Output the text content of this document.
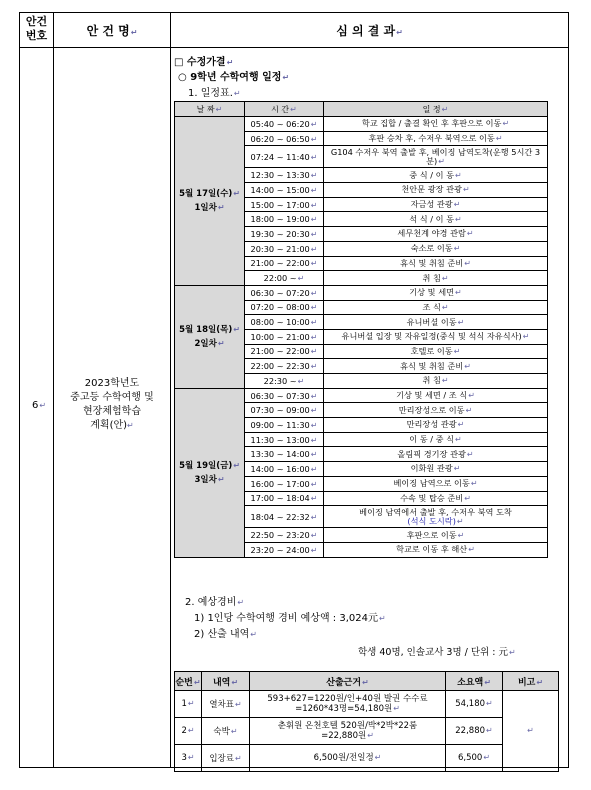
안건
번호	안 건 명 ↵	심 의 결 과 ↵
6 ↵
2023학년도
중고등 수학여행 및
현장체험학습
계획(안) ↵
□ 수정가결 ↵
○ 9학년 수학여행 일정 ↵
1. 일정표. ↵
날 짜 ↵	시 간 ↵	일 정 ↵

5월 17일(수) ↵
1일차 ↵	05:40 ~ 06:20 ↵	학교 집합 / 출결 확인 후 후판으로 이동 ↵
	06:20 ~ 06:50 ↵	후판 승차 후, 수저우 북역으로 이동 ↵
	07:24 ~ 11:40 ↵	G104 수저우 북역 출발 후, 베이징 남역도착(운행 5시간 3분) ↵
	12:30 ~ 13:30 ↵	중 식 / 이 동 ↵
	14:00 ~ 15:00 ↵	천안문 광장 관광 ↵
	15:00 ~ 17:00 ↵	자금성 관광 ↵
	18:00 ~ 19:00 ↵	석 식 / 이 동 ↵
	19:30 ~ 20:30 ↵	세무천계 야경 관람 ↵
	20:30 ~ 21:00 ↵	숙소로 이동 ↵
	21:00 ~ 22:00 ↵	휴식 및 취침 준비 ↵
	22:00 ~ ↵	취 침 ↵

5월 18일(목) ↵
2일차 ↵	06:30 ~ 07:20 ↵	기상 및 세면 ↵
	07:20 ~ 08:00 ↵	조 식 ↵
	08:00 ~ 10:00 ↵	유니버셜 이동 ↵
	10:00 ~ 21:00 ↵	유니버셜 입장 및 자유일정(중식 및 석식 자유식사) ↵
	21:00 ~ 22:00 ↵	호텔로 이동 ↵
	22:00 ~ 22:30 ↵	휴식 및 취침 준비 ↵
	22:30 ~ ↵	취 침 ↵

5월 19일(금) ↵
3일차 ↵	06:30 ~ 07:30 ↵	기상 및 세면 / 조 식 ↵
	07:30 ~ 09:00 ↵	만리장성으로 이동 ↵
	09:00 ~ 11:30 ↵	만리장성 관광 ↵
	11:30 ~ 13:00 ↵	이 동 / 중 식 ↵
	13:30 ~ 14:00 ↵	올림픽 경기장 관광 ↵
	14:00 ~ 16:00 ↵	이화원 관광 ↵
	16:00 ~ 17:00 ↵	베이징 남역으로 이동 ↵
	17:00 ~ 18:04 ↵	수속 및 탑승 준비 ↵
	18:04 ~ 22:32 ↵	베이징 남역에서 출발 후, 수저우 북역 도착
(석식 도시락) ↵
	22:50 ~ 23:20 ↵	후판으로 이동 ↵
	23:20 ~ 24:00 ↵	학교로 이동 후 해산 ↵
2. 예상경비 ↵
1) 1인당 수학여행 경비 예상액 : 3,024元 ↵
2) 산출 내역 ↵
학생 40명, 인솔교사 3명 / 단위 : 元 ↵
순번 ↵	내역 ↵	산출근거 ↵	소요액 ↵	비고 ↵
1 ↵	열차표 ↵	593+627=1220원/인+40원 발권 수수료
=1260*43명=54,180원 ↵	54,180 ↵	↵
2 ↵	숙박 ↵	춘휘원 온천호텔 520원/박*2박*22룸
=22,880원 ↵	22,880 ↵
3 ↵	입장료 ↵	6,500원/전일정 ↵	6,500 ↵
